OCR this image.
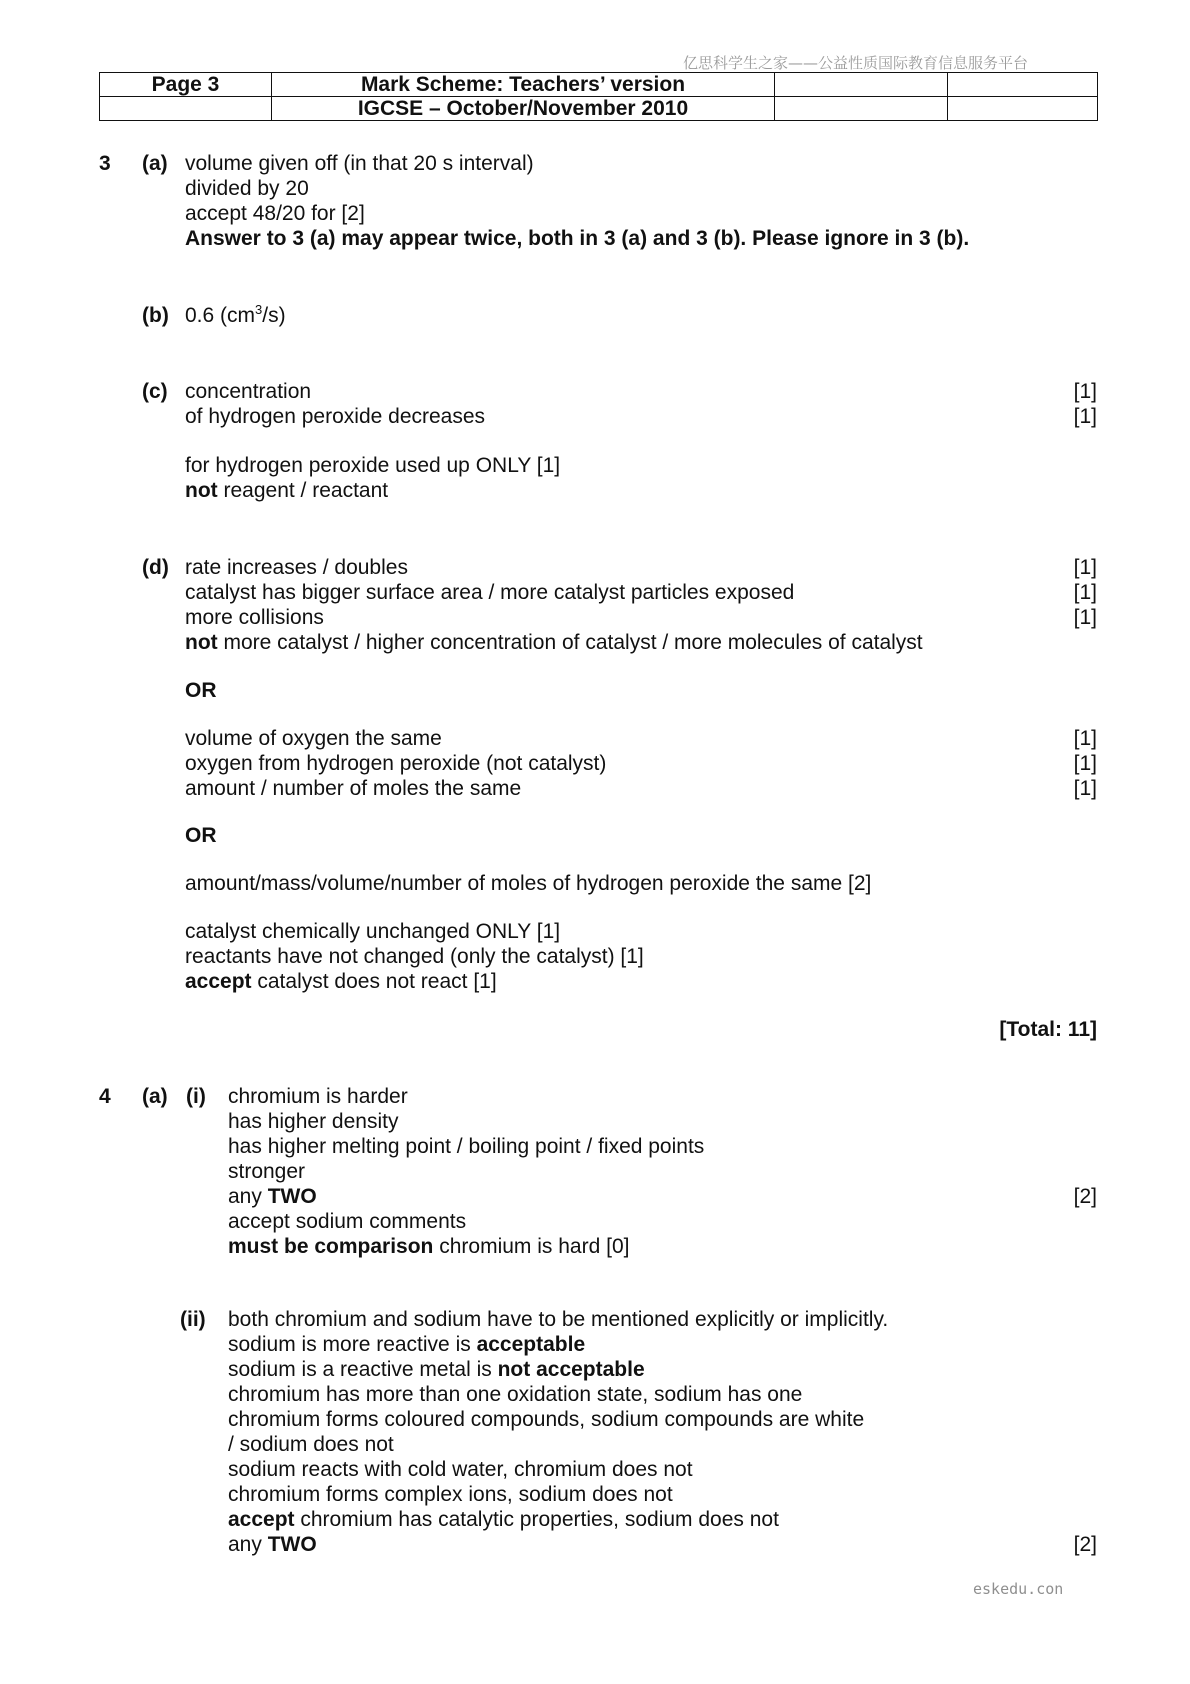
亿思科学生之家——公益性质国际教育信息服务平台
Page 3	Mark Scheme: Teachers’ version		
	IGCSE – October/November 2010		
3 (a) volume given off (in that 20 s interval)
divided by 20
accept 48/20 for [2]
Answer to 3 (a) may appear twice, both in 3 (a) and 3 (b). Please ignore in 3 (b).
(b) 0.6 $(cm^3/s)$
(c) concentration	[1]
of hydrogen peroxide decreases	[1]
for hydrogen peroxide used up ONLY [1]
not reagent / reactant
(d) rate increases / doubles	[1]
catalyst has bigger surface area / more catalyst particles exposed	[1]
more collisions	[1]
not more catalyst / higher concentration of catalyst / more molecules of catalyst
OR
volume of oxygen the same	[1]
oxygen from hydrogen peroxide (not catalyst)	[1]
amount / number of moles the same	[1]
OR
amount/mass/volume/number of moles of hydrogen peroxide the same [2]
catalyst chemically unchanged ONLY [1]
reactants have not changed (only the catalyst) [1]
accept catalyst does not react [1]
[Total: 11]
4 (a) (i) chromium is harder
has higher density
has higher melting point / boiling point / fixed points
stronger
any TWO	[2]
accept sodium comments
must be comparison chromium is hard [0]
(ii) both chromium and sodium have to be mentioned explicitly or implicitly.
sodium is more reactive is acceptable
sodium is a reactive metal is not acceptable
chromium has more than one oxidation state, sodium has one
chromium forms coloured compounds, sodium compounds are white
/ sodium does not
sodium reacts with cold water, chromium does not
chromium forms complex ions, sodium does not
accept chromium has catalytic properties, sodium does not
any TWO	[2]
eskedu.con
